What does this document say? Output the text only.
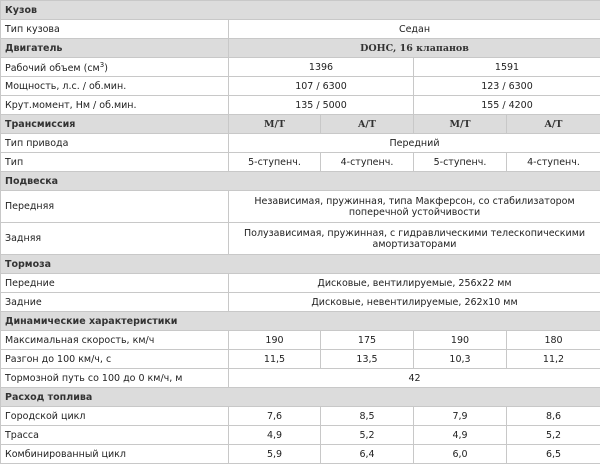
Кузов				
Тип кузова	Седан			
Двигатель	DOHC, 16 клапанов			
Рабочий объем $(см^3)$	1396		1591	
Мощность, л.с. / об.мин.	107 / 6300		123 / 6300	
Крут.момент, Нм / об.мин.	135 / 5000		155 / 4200	
Трансмиссия	M/T	A/T	M/T	A/T
Тип привода	Передний			
Тип	5-ступенч.	4-ступенч.	5-ступенч.	4-ступенч.
Подвеска				
Передняя	Независимая, пружинная, типа Макферсон, со стабилизатором поперечной устойчивости			
Задняя	Полузависимая, пружинная, с гидравлическими телескопическими амортизаторами			
Тормоза				
Передние	Дисковые, вентилируемые, 256x22 мм			
Задние	Дисковые, невентилируемые, 262x10 мм			
Динамические характеристики				
Максимальная скорость, км/ч	190	175	190	180
Разгон до 100 км/ч, с	11,5	13,5	10,3	11,2
Тормозной путь со 100 до 0 км/ч, м	42			
Расход топлива				
Городской цикл	7,6	8,5	7,9	8,6
Трасса	4,9	5,2	4,9	5,2
Комбинированный цикл	5,9	6,4	6,0	6,5
